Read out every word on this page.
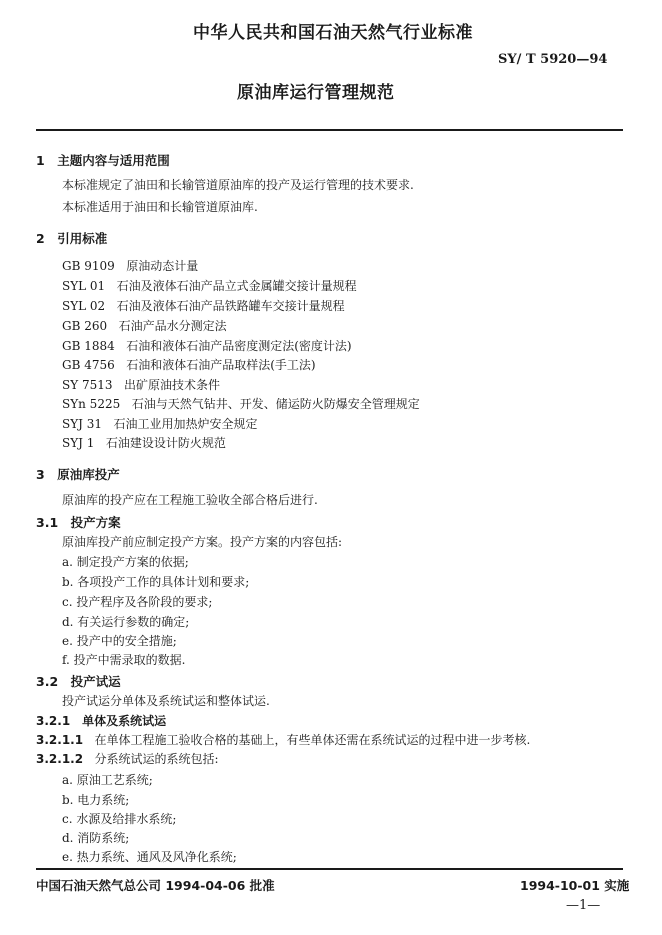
中华人民共和国石油天然气行业标准
SY/ T 5920—94
原油库运行管理规范
1　主题内容与适用范围
本标准规定了油田和长输管道原油库的投产及运行管理的技术要求.
本标准适用于油田和长输管道原油库.
2　引用标准
GB 9109 原油动态计量
SYL 01 石油及液体石油产品立式金属罐交接计量规程
SYL 02 石油及液体石油产品铁路罐车交接计量规程
GB 260 石油产品水分测定法
GB 1884 石油和液体石油产品密度测定法(密度计法)
GB 4756 石油和液体石油产品取样法(手工法)
SY 7513 出矿原油技术条件
SYn 5225 石油与天然气钻井、开发、储运防火防爆安全管理规定
SYJ 31 石油工业用加热炉安全规定
SYJ 1 石油建设设计防火规范
3　原油库投产
原油库的投产应在工程施工验收全部合格后进行.
3.1　投产方案
原油库投产前应制定投产方案。投产方案的内容包括:
a. 制定投产方案的依据;
b. 各项投产工作的具体计划和要求;
c. 投产程序及各阶段的要求;
d. 有关运行参数的确定;
e. 投产中的安全措施;
f. 投产中需录取的数据.
3.2　投产试运
投产试运分单体及系统试运和整体试运.
3.2.1　单体及系统试运
3.2.1.1 在单体工程施工验收合格的基础上，有些单体还需在系统试运的过程中进一步考核.
3.2.1.2 分系统试运的系统包括:
a. 原油工艺系统;
b. 电力系统;
c. 水源及给排水系统;
d. 消防系统;
e. 热力系统、通风及风净化系统;
中国石油天然气总公司 1994-04-06 批准	1994-10-01 实施
—1—
